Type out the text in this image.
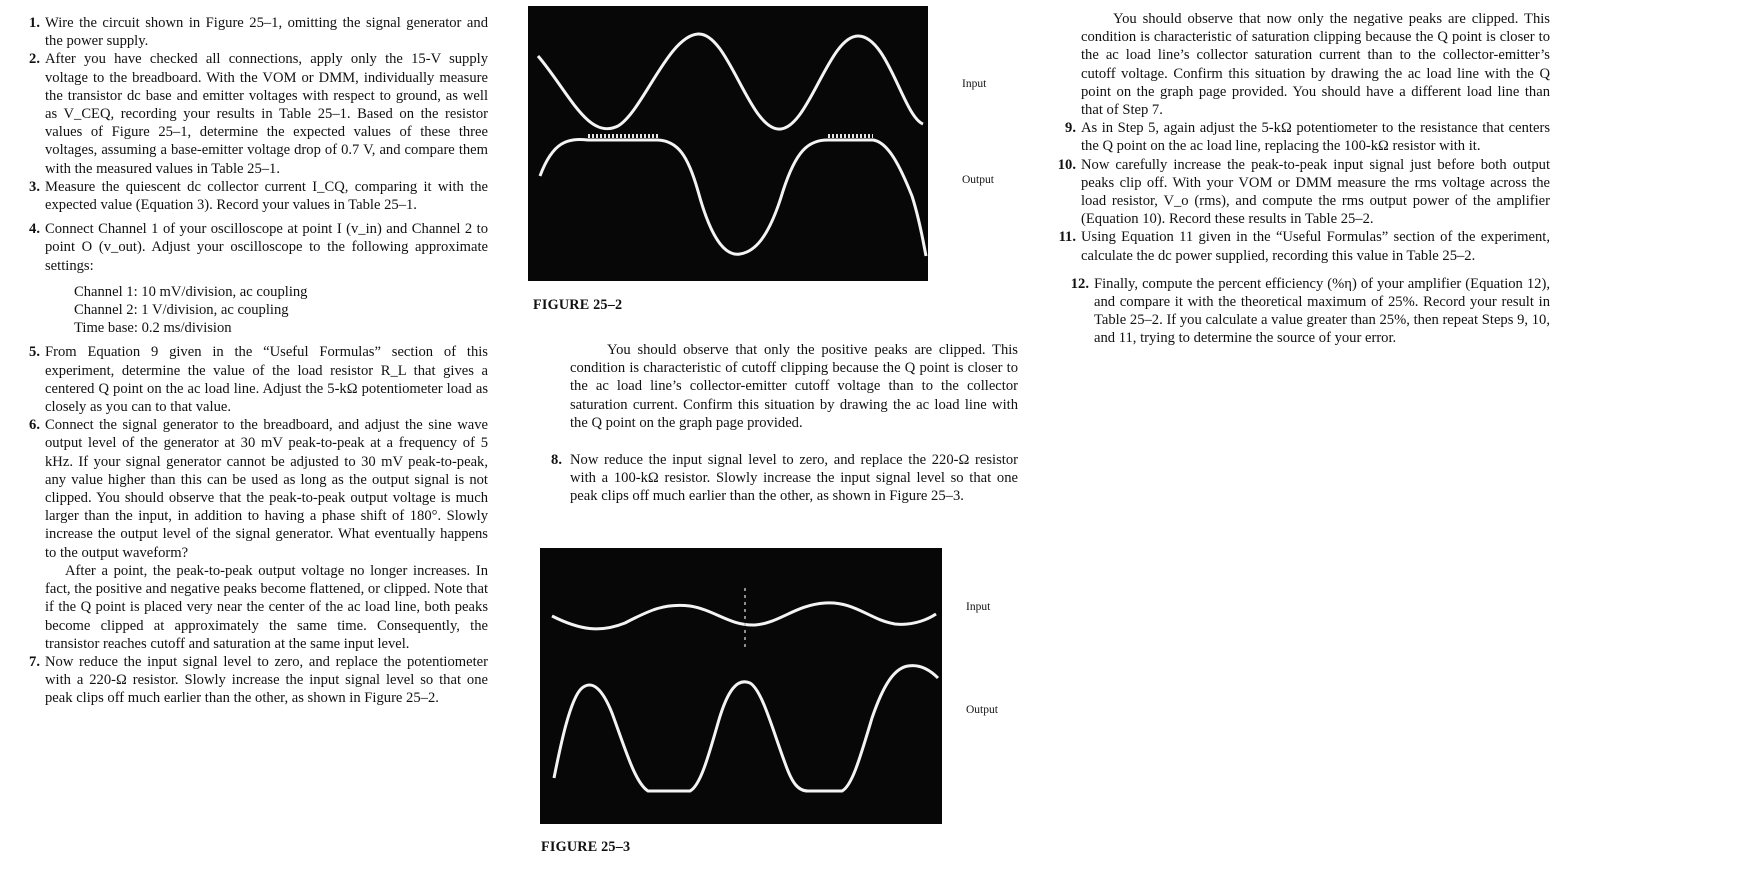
1. Wire the circuit shown in Figure 25–1, omitting the signal generator and the power supply.
2. After you have checked all connections, apply only the 15-V supply voltage to the breadboard. With the VOM or DMM, individually measure the transistor dc base and emitter voltages with respect to ground, as well as V_CEQ, recording your results in Table 25–1. Based on the resistor values of Figure 25–1, determine the expected values of these three voltages, assuming a base-emitter voltage drop of 0.7 V, and compare them with the measured values in Table 25–1.
3. Measure the quiescent dc collector current I_CQ, comparing it with the expected value (Equation 3). Record your values in Table 25–1.
4. Connect Channel 1 of your oscilloscope at point I (v_in) and Channel 2 to point O (v_out). Adjust your oscilloscope to the following approximate settings:
Channel 1: 10 mV/division, ac coupling
Channel 2: 1 V/division, ac coupling
Time base: 0.2 ms/division
5. From Equation 9 given in the “Useful Formulas” section of this experiment, determine the value of the load resistor R_L that gives a centered Q point on the ac load line. Adjust the 5-kΩ potentiometer load as closely as you can to that value.
6. Connect the signal generator to the breadboard, and adjust the sine wave output level of the generator at 30 mV peak-to-peak at a frequency of 5 kHz. If your signal generator cannot be adjusted to 30 mV peak-to-peak, any value higher than this can be used as long as the output signal is not clipped. You should observe that the peak-to-peak output voltage is much larger than the input, in addition to having a phase shift of 180°. Slowly increase the output level of the signal generator. What eventually happens to the output waveform?

After a point, the peak-to-peak output voltage no longer increases. In fact, the positive and negative peaks become flattened, or clipped. Note that if the Q point is placed very near the center of the ac load line, both peaks become clipped at approximately the same time. Consequently, the transistor reaches cutoff and saturation at the same input level.

7. Now reduce the input signal level to zero, and replace the potentiometer with a 220-Ω resistor. Slowly increase the input signal level so that one peak clips off much earlier than the other, as shown in Figure 25–2.
Input
Output
FIGURE 25–2

You should observe that only the positive peaks are clipped. This condition is characteristic of cutoff clipping because the Q point is closer to the ac load line’s collector-emitter cutoff voltage than to the collector saturation current. Confirm this situation by drawing the ac load line with the Q point on the graph page provided.

8. Now reduce the input signal level to zero, and replace the 220-Ω resistor with a 100-kΩ resistor. Slowly increase the input signal level so that one peak clips off much earlier than the other, as shown in Figure 25–3.
Input
Output
FIGURE 25–3

You should observe that now only the negative peaks are clipped. This condition is characteristic of saturation clipping because the Q point is closer to the ac load line’s collector saturation current than to the collector-emitter’s cutoff voltage. Confirm this situation by drawing the ac load line with the Q point on the graph page provided. You should have a different load line than that of Step 7.

9. As in Step 5, again adjust the 5-kΩ potentiometer to the resistance that centers the Q point on the ac load line, replacing the 100-kΩ resistor with it.
10. Now carefully increase the peak-to-peak input signal just before both output peaks clip off. With your VOM or DMM measure the rms voltage across the load resistor, V_o (rms), and compute the rms output power of the amplifier (Equation 10). Record these results in Table 25–2.
11. Using Equation 11 given in the “Useful Formulas” section of the experiment, calculate the dc power supplied, recording this value in Table 25–2.
12. Finally, compute the percent efficiency (%η) of your amplifier (Equation 12), and compare it with the theoretical maximum of 25%. Record your result in Table 25–2. If you calculate a value greater than 25%, then repeat Steps 9, 10, and 11, trying to determine the source of your error.
